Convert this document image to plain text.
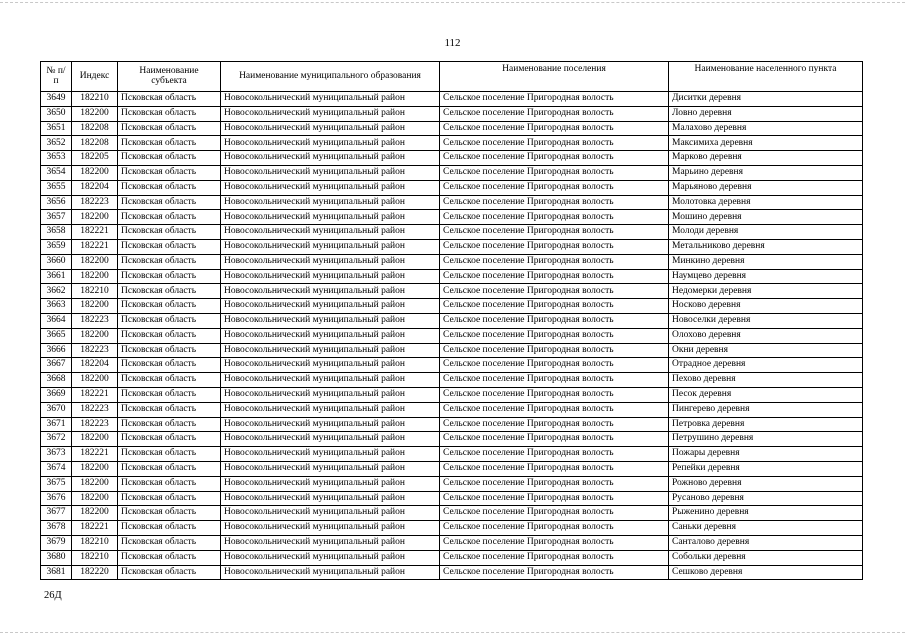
112
№ п/п	Индекс	Наименование субъекта	Наименование муниципального образования	Наименование поселения	Наименование населенного пункта
3649	182210	Псковская область	Новосокольнический муниципальный район	Сельское поселение Пригородная волость	Диситки деревня
3650	182200	Псковская область	Новосокольнический муниципальный район	Сельское поселение Пригородная волость	Ловно деревня
3651	182208	Псковская область	Новосокольнический муниципальный район	Сельское поселение Пригородная волость	Малахово деревня
3652	182208	Псковская область	Новосокольнический муниципальный район	Сельское поселение Пригородная волость	Максимиха деревня
3653	182205	Псковская область	Новосокольнический муниципальный район	Сельское поселение Пригородная волость	Марково деревня
3654	182200	Псковская область	Новосокольнический муниципальный район	Сельское поселение Пригородная волость	Марьино деревня
3655	182204	Псковская область	Новосокольнический муниципальный район	Сельское поселение Пригородная волость	Марьяново деревня
3656	182223	Псковская область	Новосокольнический муниципальный район	Сельское поселение Пригородная волость	Молотовка деревня
3657	182200	Псковская область	Новосокольнический муниципальный район	Сельское поселение Пригородная волость	Мошино деревня
3658	182221	Псковская область	Новосокольнический муниципальный район	Сельское поселение Пригородная волость	Молоди деревня
3659	182221	Псковская область	Новосокольнический муниципальный район	Сельское поселение Пригородная волость	Метальниково деревня
3660	182200	Псковская область	Новосокольнический муниципальный район	Сельское поселение Пригородная волость	Минкино деревня
3661	182200	Псковская область	Новосокольнический муниципальный район	Сельское поселение Пригородная волость	Наумцево деревня
3662	182210	Псковская область	Новосокольнический муниципальный район	Сельское поселение Пригородная волость	Недомерки деревня
3663	182200	Псковская область	Новосокольнический муниципальный район	Сельское поселение Пригородная волость	Носково деревня
3664	182223	Псковская область	Новосокольнический муниципальный район	Сельское поселение Пригородная волость	Новоселки деревня
3665	182200	Псковская область	Новосокольнический муниципальный район	Сельское поселение Пригородная волость	Олохово деревня
3666	182223	Псковская область	Новосокольнический муниципальный район	Сельское поселение Пригородная волость	Окни деревня
3667	182204	Псковская область	Новосокольнический муниципальный район	Сельское поселение Пригородная волость	Отрадное деревня
3668	182200	Псковская область	Новосокольнический муниципальный район	Сельское поселение Пригородная волость	Пехово деревня
3669	182221	Псковская область	Новосокольнический муниципальный район	Сельское поселение Пригородная волость	Песок деревня
3670	182223	Псковская область	Новосокольнический муниципальный район	Сельское поселение Пригородная волость	Пингерево деревня
3671	182223	Псковская область	Новосокольнический муниципальный район	Сельское поселение Пригородная волость	Петровка деревня
3672	182200	Псковская область	Новосокольнический муниципальный район	Сельское поселение Пригородная волость	Петрушино деревня
3673	182221	Псковская область	Новосокольнический муниципальный район	Сельское поселение Пригородная волость	Пожары деревня
3674	182200	Псковская область	Новосокольнический муниципальный район	Сельское поселение Пригородная волость	Репейки деревня
3675	182200	Псковская область	Новосокольнический муниципальный район	Сельское поселение Пригородная волость	Рожново деревня
3676	182200	Псковская область	Новосокольнический муниципальный район	Сельское поселение Пригородная волость	Русаново деревня
3677	182200	Псковская область	Новосокольнический муниципальный район	Сельское поселение Пригородная волость	Рыженино деревня
3678	182221	Псковская область	Новосокольнический муниципальный район	Сельское поселение Пригородная волость	Саньки деревня
3679	182210	Псковская область	Новосокольнический муниципальный район	Сельское поселение Пригородная волость	Санталово деревня
3680	182210	Псковская область	Новосокольнический муниципальный район	Сельское поселение Пригородная волость	Собольки деревня
3681	182220	Псковская область	Новосокольнический муниципальный район	Сельское поселение Пригородная волость	Сешково деревня
26Д
